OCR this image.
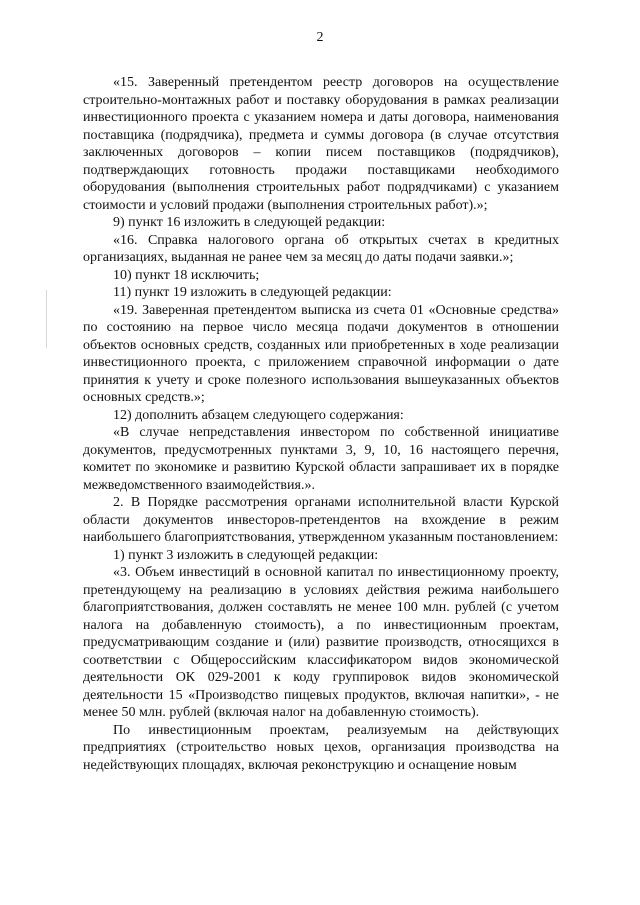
2

«15. Заверенный претендентом реестр договоров на осуществление строительно-монтажных работ и поставку оборудования в рамках реализации инвестиционного проекта с указанием номера и даты договора, наименования поставщика (подрядчика), предмета и суммы договора (в случае отсутствия заключенных договоров – копии писем поставщиков (подрядчиков), подтверждающих готовность продажи поставщиками необходимого оборудования (выполнения строительных работ подрядчиками) с указанием стоимости и условий продажи (выполнения строительных работ).»;

9) пункт 16 изложить в следующей редакции:

«16. Справка налогового органа об открытых счетах в кредитных организациях, выданная не ранее чем за месяц до даты подачи заявки.»;

10) пункт 18 исключить;

11) пункт 19 изложить в следующей редакции:

«19. Заверенная претендентом выписка из счета 01 «Основные средства» по состоянию на первое число месяца подачи документов в отношении объектов основных средств, созданных или приобретенных в ходе реализации инвестиционного проекта, с приложением справочной информации о дате принятия к учету и сроке полезного использования вышеуказанных объектов основных средств.»;

12) дополнить абзацем следующего содержания:

«В случае непредставления инвестором по собственной инициативе документов, предусмотренных пунктами 3, 9, 10, 16 настоящего перечня, комитет по экономике и развитию Курской области запрашивает их в порядке межведомственного взаимодействия.».

2. В Порядке рассмотрения органами исполнительной власти Курской области документов инвесторов-претендентов на вхождение в режим наибольшего благоприятствования, утвержденном указанным постановлением:

1) пункт 3 изложить в следующей редакции:

«3. Объем инвестиций в основной капитал по инвестиционному проекту, претендующему на реализацию в условиях действия режима наибольшего благоприятствования, должен составлять не менее 100 млн. рублей (с учетом налога на добавленную стоимость), а по инвестиционным проектам, предусматривающим создание и (или) развитие производств, относящихся в соответствии с Общероссийским классификатором видов экономической деятельности ОК 029-2001 к коду группировок видов экономической деятельности 15 «Производство пищевых продуктов, включая напитки», - не менее 50 млн. рублей (включая налог на добавленную стоимость).

По инвестиционным проектам, реализуемым на действующих предприятиях (строительство новых цехов, организация производства на недействующих площадях, включая реконструкцию и оснащение новым
